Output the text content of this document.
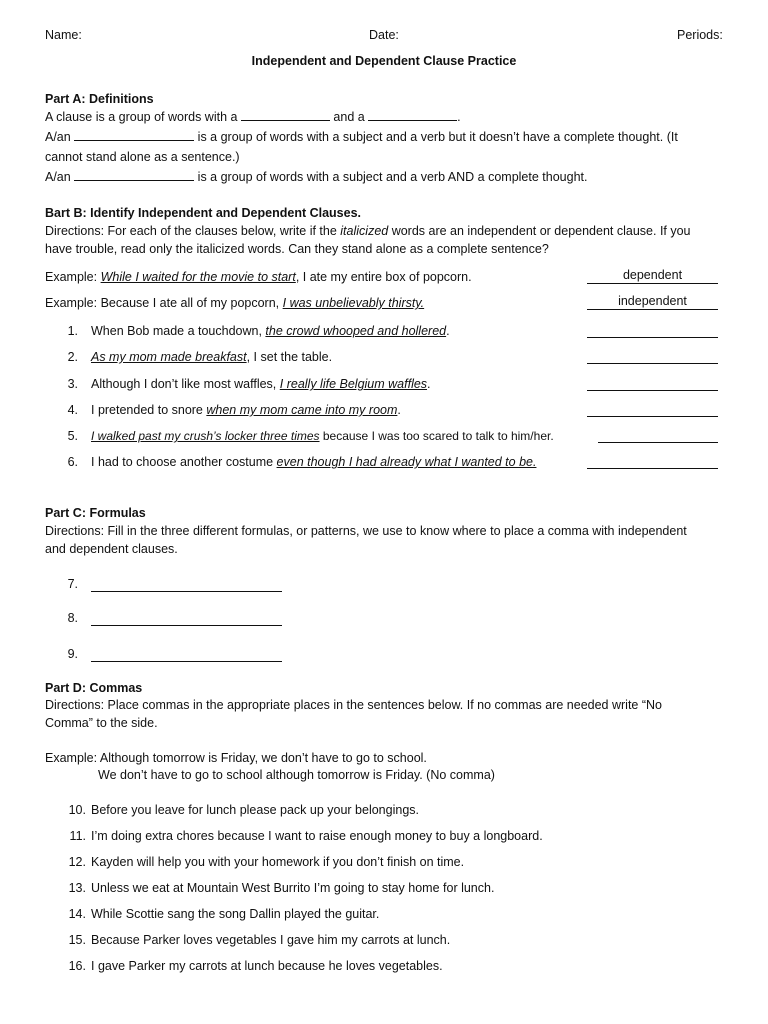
Name:	Date:	Periods:
Independent and Dependent Clause Practice
Part A: Definitions
A clause is a group of words with a	and a	.
A/an	is a group of words with a subject and a verb but it doesn’t have a complete thought. (It
cannot stand alone as a sentence.)
A/an	is a group of words with a subject and a verb AND a complete thought.
Bart B: Identify Independent and Dependent Clauses.
Directions: For each of the clauses below, write if the italicized words are an independent or dependent clause. If you
have trouble, read only the italicized words. Can they stand alone as a complete sentence?
Example: While I waited for the movie to start, I ate my entire box of popcorn.	dependent
Example: Because I ate all of my popcorn, I was unbelievably thirsty.	independent
1. When Bob made a touchdown, the crowd whooped and hollered.
2. As my mom made breakfast, I set the table.
3. Although I don’t like most waffles, I really life Belgium waffles.
4. I pretended to snore when my mom came into my room.
5. I walked past my crush’s locker three times because I was too scared to talk to him/her.
6. I had to choose another costume even though I had already what I wanted to be.
Part C: Formulas
Directions: Fill in the three different formulas, or patterns, we use to know where to place a comma with independent
and dependent clauses.
7.
8.
9.
Part D: Commas
Directions: Place commas in the appropriate places in the sentences below. If no commas are needed write “No
Comma” to the side.
Example: Although tomorrow is Friday, we don’t have to go to school.
We don’t have to go to school although tomorrow is Friday. (No comma)
10. Before you leave for lunch please pack up your belongings.
11. I’m doing extra chores because I want to raise enough money to buy a longboard.
12. Kayden will help you with your homework if you don’t finish on time.
13. Unless we eat at Mountain West Burrito I’m going to stay home for lunch.
14. While Scottie sang the song Dallin played the guitar.
15. Because Parker loves vegetables I gave him my carrots at lunch.
16. I gave Parker my carrots at lunch because he loves vegetables.
